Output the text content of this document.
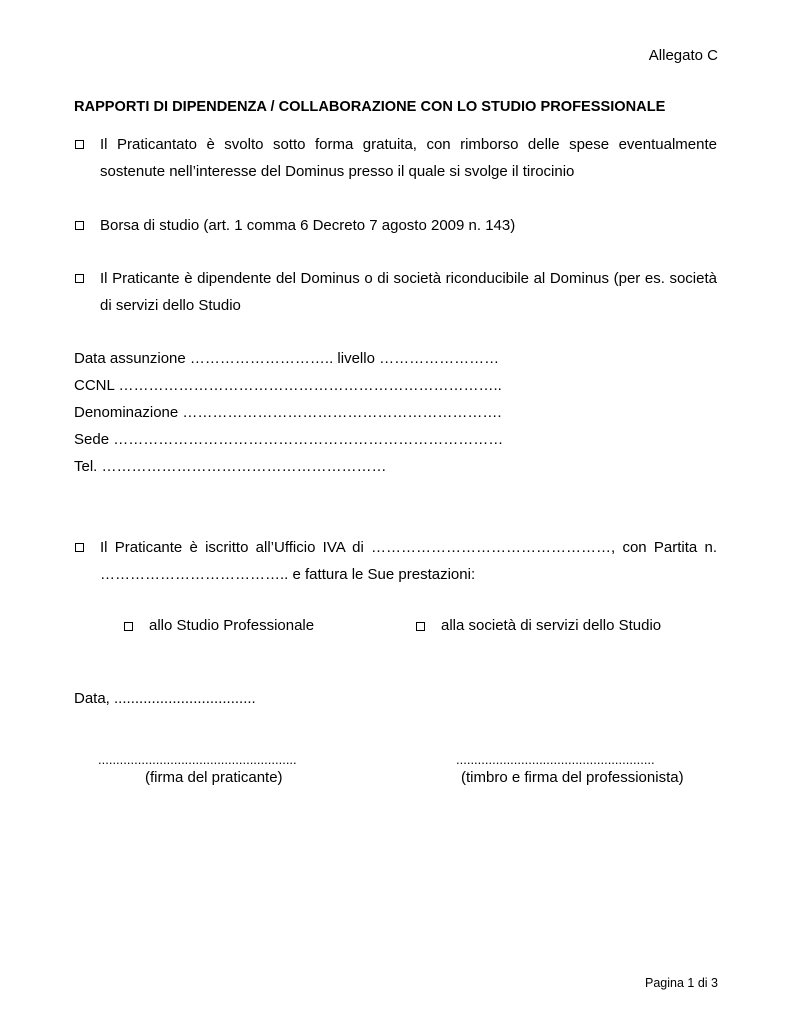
Allegato C
RAPPORTI DI DIPENDENZA / COLLABORAZIONE CON LO STUDIO PROFESSIONALE
Il Praticantato è svolto sotto forma gratuita, con rimborso delle spese eventualmente sostenute nell’interesse del Dominus presso il quale si svolge il tirocinio
Borsa di studio (art. 1 comma 6 Decreto 7 agosto 2009 n. 143)
Il Praticante è dipendente del Dominus o di società riconducibile al Dominus (per es. società di servizi dello Studio
Data assunzione ……………………….. livello ……………………
CCNL …………………………………………………………………..
Denominazione ……………………………………………………….
Sede ……………………………………………………………………
Tel. …………………………………………………
Il Praticante è iscritto all’Ufficio IVA di …………………………………………, con Partita n.
……………………………….. e fattura le Sue prestazioni:
allo Studio Professionale	alla società di servizi dello Studio
Data, ..................................
.......................................................
(firma del praticante)
.......................................................
(timbro e firma del professionista)
Pagina 1 di 3
